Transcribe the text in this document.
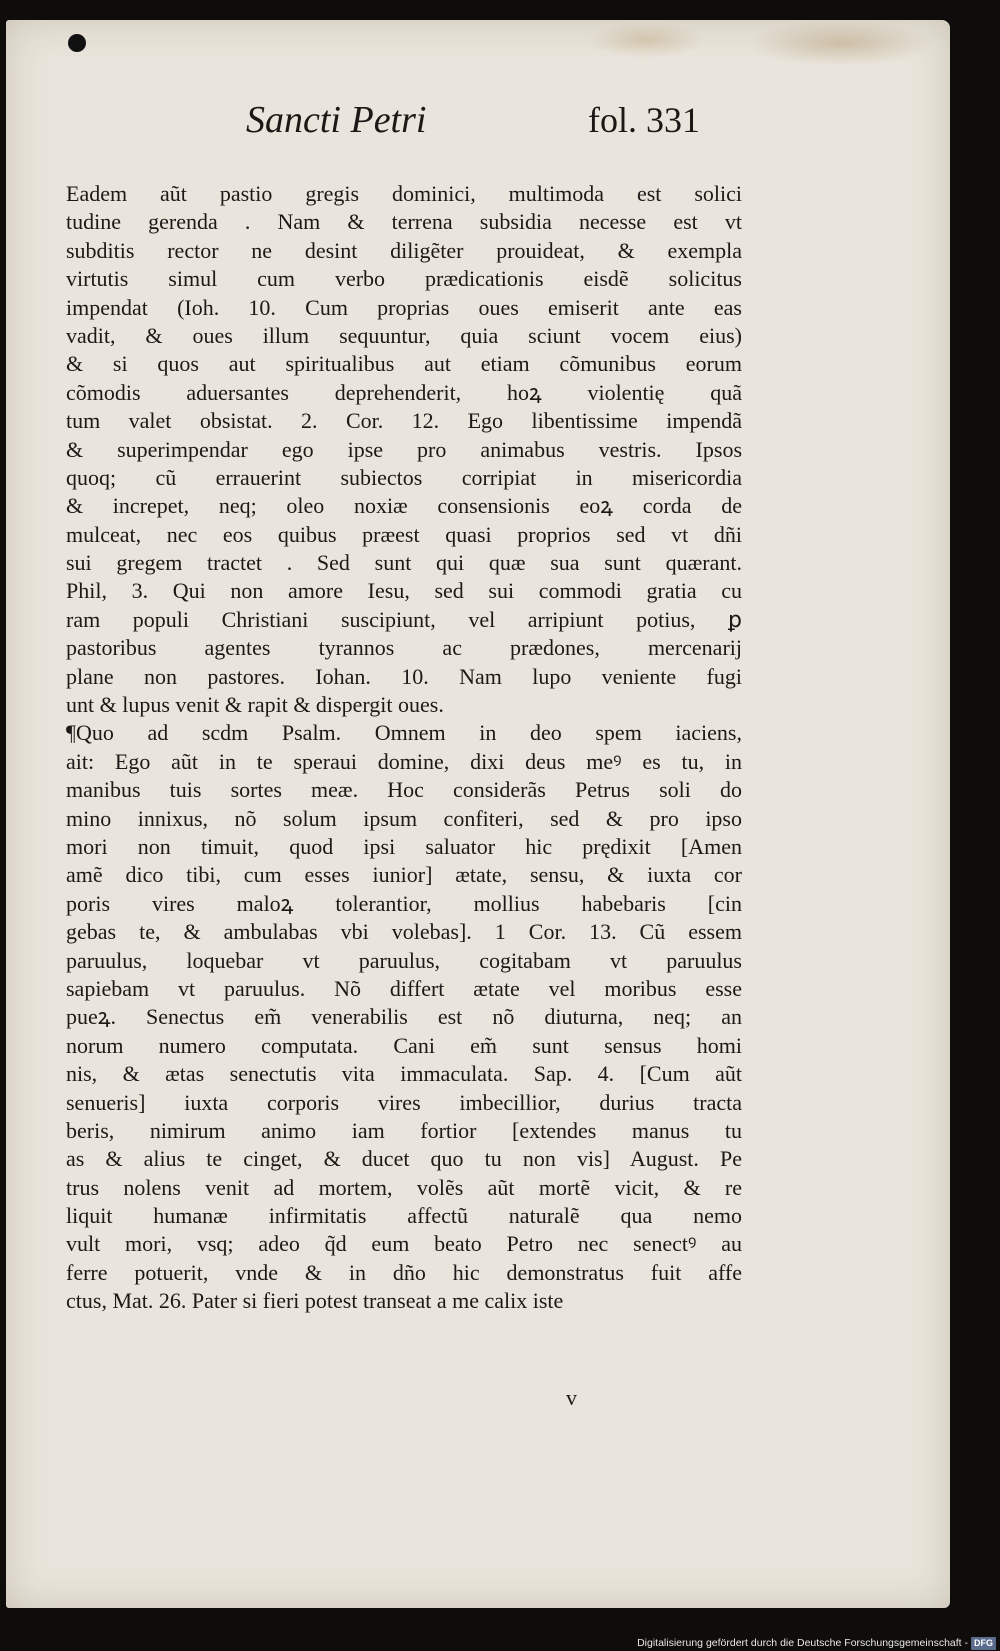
Sancti Petri	fol. 331
Eadem aũt pastio gregis dominici, multimoda est solici
tudine gerenda . Nam & terrena subsidia necesse est vt
subditis rector ne desint diligẽter prouideat, & exempla
virtutis simul cum verbo prædicationis eisdẽ solicitus
impendat (Ioh. 10. Cum proprias oues emiserit ante eas
vadit, & oues illum sequuntur, quia sciunt vocem eius)
& si quos aut spiritualibus aut etiam cõmunibus eorum
cõmodis aduersantes deprehenderit, hoꝝ violentię quã
tum valet obsistat. 2. Cor. 12. Ego libentissime impendã
& superimpendar ego ipse pro animabus vestris. Ipsos
quoq; cũ errauerint subiectos corripiat in misericordia
& increpet, neq; oleo noxiæ consensionis eoꝝ corda de
mulceat, nec eos quibus præest quasi proprios sed vt dñi
sui gregem tractet . Sed sunt qui quæ sua sunt quærant.
Phil, 3. Qui non amore Iesu, sed sui commodi gratia cu
ram populi Christiani suscipiunt, vel arripiunt potius, ꝑ
pastoribus agentes tyrannos ac prædones, mercenarij
plane non pastores. Iohan. 10. Nam lupo veniente fugi
unt & lupus venit & rapit & dispergit oues.
¶Quo ad scdm Psalm. Omnem in deo spem iaciens,
ait: Ego aũt in te speraui domine, dixi deus meꝰ es tu, in
manibus tuis sortes meæ. Hoc considerãs Petrus soli do
mino innixus, nõ solum ipsum confiteri, sed & pro ipso
mori non timuit, quod ipsi saluator hic prędixit [Amen
amẽ dico tibi, cum esses iunior] ætate, sensu, & iuxta cor
poris vires maloꝝ tolerantior, mollius habebaris [cin
gebas te, & ambulabas vbi volebas]. 1 Cor. 13. Cũ essem
paruulus, loquebar vt paruulus, cogitabam vt paruulus
sapiebam vt paruulus. Nõ differt ætate vel moribus esse
pueꝝ. Senectus em̃ venerabilis est nõ diuturna, neq; an
norum numero computata. Cani em̃ sunt sensus homi
nis, & ætas senectutis vita immaculata. Sap. 4. [Cum aũt
senueris] iuxta corporis vires imbecillior, durius tracta
beris, nimirum animo iam fortior [extendes manus tu
as & alius te cinget, & ducet quo tu non vis] August. Pe
trus nolens venit ad mortem, volẽs aũt mortẽ vicit, & re
liquit humanæ infirmitatis affectũ naturalẽ qua nemo
vult mori, vsq; adeo q̃d eum beato Petro nec senectꝰ au
ferre potuerit, vnde & in dño hic demonstratus fuit affe
ctus, Mat. 26. Pater si fieri potest transeat a me calix iste
v
Digitalisierung gefördert durch die Deutsche Forschungsgemeinschaft - DFG
